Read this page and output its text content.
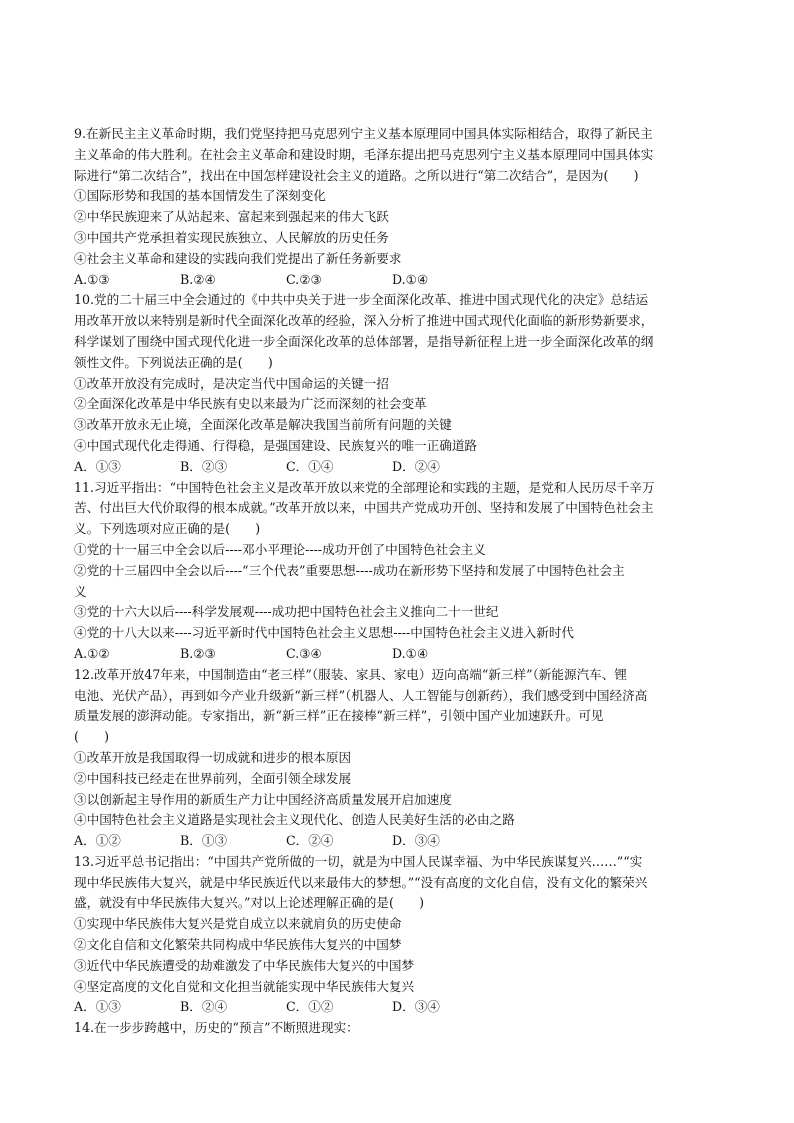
9.在新民主主义革命时期，我们党坚持把马克思列宁主义基本原理同中国具体实际相结合，取得了新民主
主义革命的伟大胜利。在社会主义革命和建设时期，毛泽东提出把马克思列宁主义基本原理同中国具体实
际进行“第二次结合”，找出在中国怎样建设社会主义的道路。之所以进行“第二次结合”，是因为(　　)
①国际形势和我国的基本国情发生了深刻变化
②中华民族迎来了从站起来、富起来到强起来的伟大飞跃
③中国共产党承担着实现民族独立、人民解放的历史任务
④社会主义革命和建设的实践向我们党提出了新任务新要求
A.①③	B.②④	C.②③	D.①④
10.党的二十届三中全会通过的《中共中央关于进一步全面深化改革、推进中国式现代化的决定》总结运
用改革开放以来特别是新时代全面深化改革的经验，深入分析了推进中国式现代化面临的新形势新要求，
科学谋划了围绕中国式现代化进一步全面深化改革的总体部署，是指导新征程上进一步全面深化改革的纲
领性文件。下列说法正确的是(　　)
①改革开放没有完成时，是决定当代中国命运的关键一招
②全面深化改革是中华民族有史以来最为广泛而深刻的社会变革
③改革开放永无止境，全面深化改革是解决我国当前所有问题的关键
④中国式现代化走得通、行得稳，是强国建设、民族复兴的唯一正确道路
A．①③	B．②③	C．①④	D．②④
11.习近平指出：“中国特色社会主义是改革开放以来党的全部理论和实践的主题，是党和人民历尽千辛万
苦、付出巨大代价取得的根本成就。”改革开放以来，中国共产党成功开创、坚持和发展了中国特色社会主
义。下列选项对应正确的是(　　)
①党的十一届三中全会以后----邓小平理论----成功开创了中国特色社会主义
②党的十三届四中全会以后----“三个代表”重要思想----成功在新形势下坚持和发展了中国特色社会主
义
③党的十六大以后----科学发展观----成功把中国特色社会主义推向二十一世纪
④党的十八大以来----习近平新时代中国特色社会主义思想----中国特色社会主义进入新时代
A.①②	B.②③	C.③④	D.①④
12.改革开放47年来，中国制造由“老三样”（服装、家具、家电）迈向高端“新三样”（新能源汽车、锂
电池、光伏产品），再到如今产业升级新“新三样”（机器人、人工智能与创新药），我们感受到中国经济高
质量发展的澎湃动能。专家指出，新“新三样”正在接棒“新三样”，引领中国产业加速跃升。可见
(　　)
①改革开放是我国取得一切成就和进步的根本原因
②中国科技已经走在世界前列，全面引领全球发展
③以创新起主导作用的新质生产力让中国经济高质量发展开启加速度
④中国特色社会主义道路是实现社会主义现代化、创造人民美好生活的必由之路
A．①②	B．①③	C．②④	D．③④
13.习近平总书记指出：“中国共产党所做的一切，就是为中国人民谋幸福、为中华民族谋复兴……”“实
现中华民族伟大复兴，就是中华民族近代以来最伟大的梦想。”“没有高度的文化自信，没有文化的繁荣兴
盛，就没有中华民族伟大复兴。”对以上论述理解正确的是(　　)
①实现中华民族伟大复兴是党自成立以来就肩负的历史使命
②文化自信和文化繁荣共同构成中华民族伟大复兴的中国梦
③近代中华民族遭受的劫难激发了中华民族伟大复兴的中国梦
④坚定高度的文化自觉和文化担当就能实现中华民族伟大复兴
A．①③	B．②④	C．①②	D．③④
14.在一步步跨越中，历史的“预言”不断照进现实：
